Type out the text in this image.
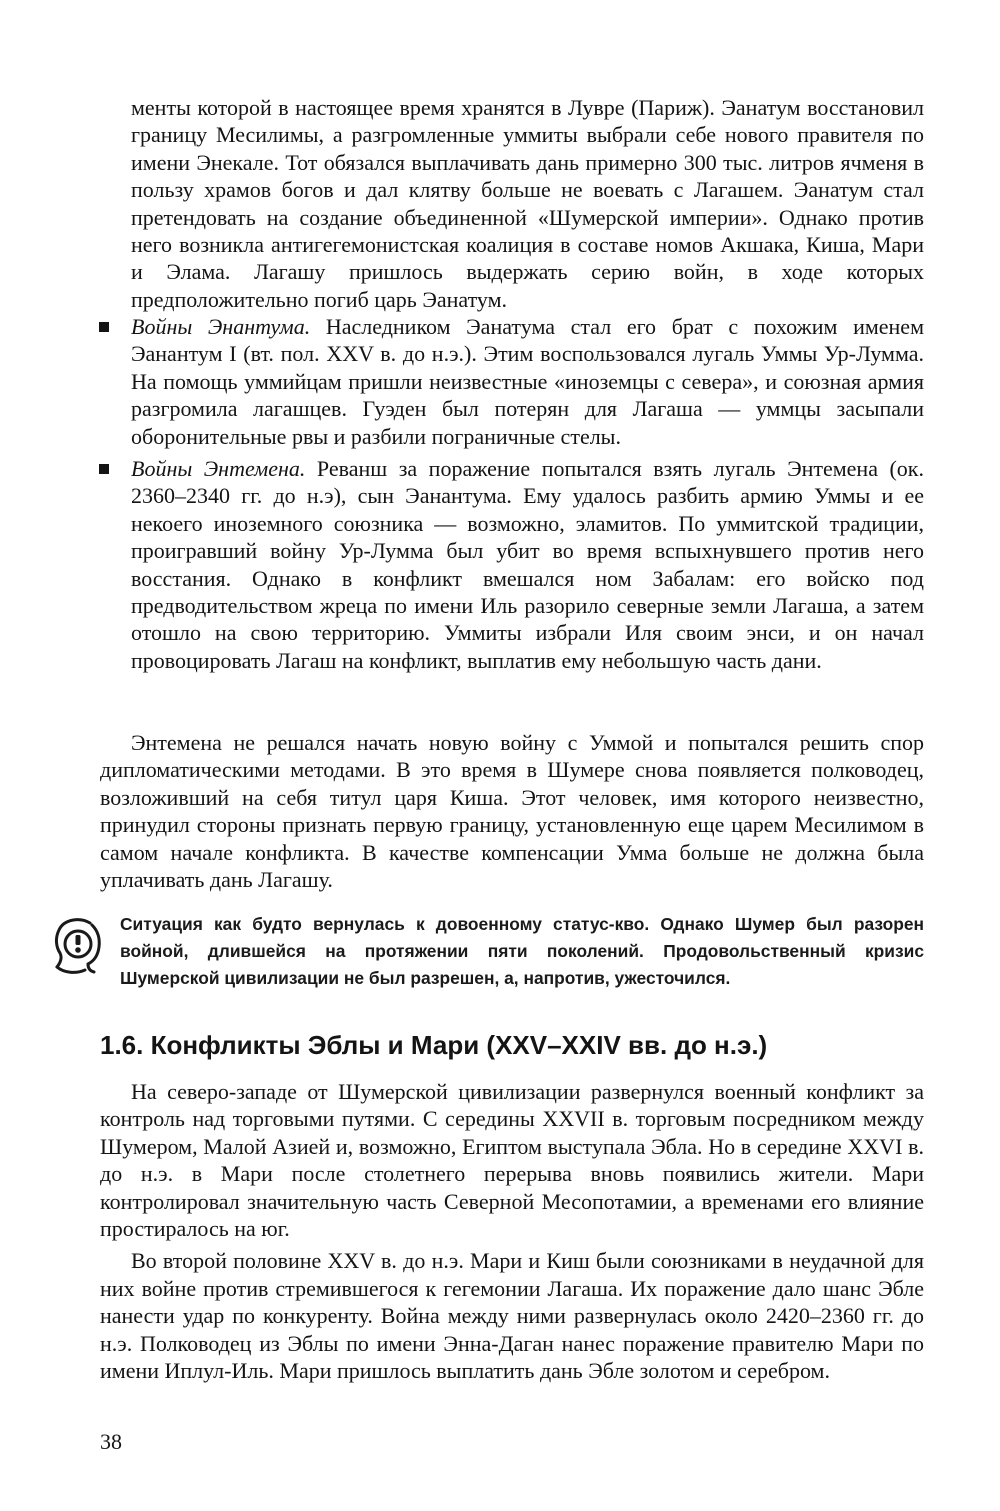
менты которой в настоящее время хранятся в Лувре (Париж). Эанатум восстановил границу Месилимы, а разгромленные уммиты выбрали себе нового правителя по имени Энекале. Тот обязался выплачивать дань примерно 300 тыс. литров ячменя в пользу храмов богов и дал клятву больше не воевать с Лагашем. Эанатум стал претендовать на создание объединенной «Шумерской империи». Однако против него возникла антигегемонистская коалиция в составе номов Акшака, Киша, Мари и Элама. Лагашу пришлось выдержать серию войн, в ходе которых предположительно погиб царь Эанатум.
Войны Энантума. Наследником Эанатума стал его брат с похожим именем Эанантум I (вт. пол. XXV в. до н.э.). Этим воспользовался лугаль Уммы Ур-Лумма. На помощь уммийцам пришли неизвестные «иноземцы с севера», и союзная армия разгромила лагашцев. Гуэден был потерян для Лагаша — уммцы засыпали оборонительные рвы и разбили пограничные стелы.
Войны Энтемена. Реванш за поражение попытался взять лугаль Энтемена (ок. 2360–2340 гг. до н.э), сын Эанантума. Ему удалось разбить армию Уммы и ее некоего иноземного союзника — возможно, эламитов. По уммитской традиции, проигравший войну Ур-Лумма был убит во время вспыхнувшего против него восстания. Однако в конфликт вмешался ном Забалам: его войско под предводительством жреца по имени Иль разорило северные земли Лагаша, а затем отошло на свою территорию. Уммиты избрали Иля своим энси, и он начал провоцировать Лагаш на конфликт, выплатив ему небольшую часть дани.
Энтемена не решался начать новую войну с Уммой и попытался решить спор дипломатическими методами. В это время в Шумере снова появляется полководец, возложивший на себя титул царя Киша. Этот человек, имя которого неизвестно, принудил стороны признать первую границу, установленную еще царем Месилимом в самом начале конфликта. В качестве компенсации Умма больше не должна была уплачивать дань Лагашу.
Ситуация как будто вернулась к довоенному статус-кво. Однако Шумер был разорен войной, длившейся на протяжении пяти поколений. Продовольственный кризис Шумерской цивилизации не был разрешен, а, напротив, ужесточился.
1.6. Конфликты Эблы и Мари (XXV–XXIV вв. до н.э.)

На северо-западе от Шумерской цивилизации развернулся военный конфликт за контроль над торговыми путями. С середины XXVII в. торговым посредником между Шумером, Малой Азией и, возможно, Египтом выступала Эбла. Но в середине XXVI в. до н.э. в Мари после столетнего перерыва вновь появились жители. Мари контролировал значительную часть Северной Месопотамии, а временами его влияние простиралось на юг.

Во второй половине XXV в. до н.э. Мари и Киш были союзниками в неудачной для них войне против стремившегося к гегемонии Лагаша. Их поражение дало шанс Эбле нанести удар по конкуренту. Война между ними развернулась около 2420–2360 гг. до н.э. Полководец из Эблы по имени Энна-Даган нанес поражение правителю Мари по имени Иплул-Иль. Мари пришлось выплатить дань Эбле золотом и серебром.

38
